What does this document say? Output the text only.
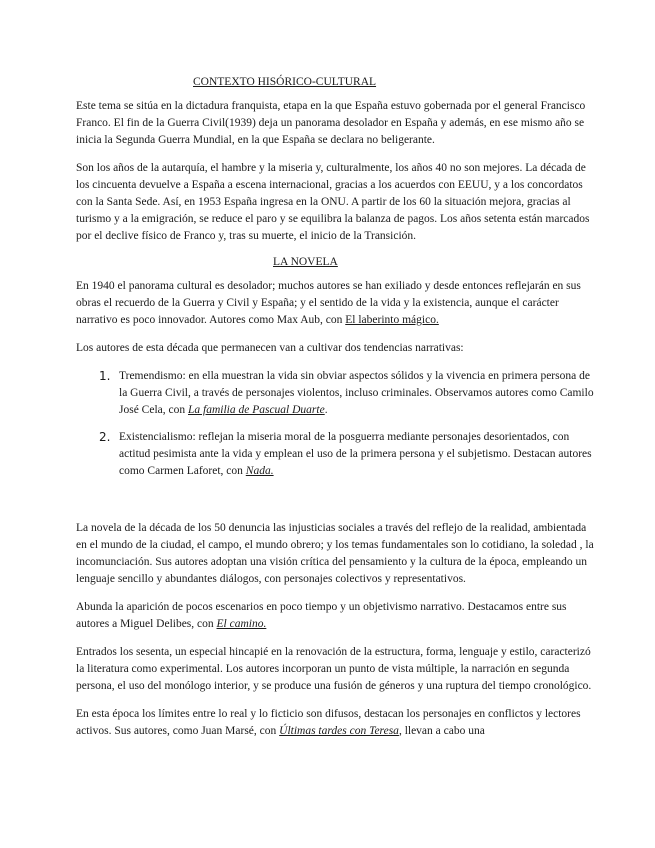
CONTEXTO HISÓRICO-CULTURAL

Este tema se sitúa en la dictadura franquista, etapa en la que España estuvo gobernada por el general Francisco Franco. El fin de la Guerra Civil(1939) deja un panorama desolador en España y además, en ese mismo año se inicia la Segunda Guerra Mundial, en la que España se declara no beligerante.

Son los años de la autarquía, el hambre y la miseria y, culturalmente, los años 40 no son mejores. La década de los cincuenta devuelve a España a escena internacional, gracias a los acuerdos con EEUU, y a los concordatos con la Santa Sede. Así, en 1953 España ingresa en la ONU. A partir de los 60 la situación mejora, gracias al turismo y a la emigración, se reduce el paro y se equilibra la balanza de pagos. Los años setenta están marcados por el declive físico de Franco y, tras su muerte, el inicio de la Transición.

LA NOVELA

En 1940 el panorama cultural es desolador; muchos autores se han exiliado y desde entonces reflejarán en sus obras el recuerdo de la Guerra y Civil y España; y el sentido de la vida y la existencia, aunque el carácter narrativo es poco innovador. Autores como Max Aub, con El laberinto mágico.

Los autores de esta década que permanecen van a cultivar dos tendencias narrativas:

1. Tremendismo: en ella muestran la vida sin obviar aspectos sólidos y la vivencia en primera persona de la Guerra Civil, a través de personajes violentos, incluso criminales. Observamos autores como Camilo José Cela, con La familia de Pascual Duarte.
2. Existencialismo: reflejan la miseria moral de la posguerra mediante personajes desorientados, con actitud pesimista ante la vida y emplean el uso de la primera persona y el subjetismo. Destacan autores como Carmen Laforet, con Nada.

La novela de la década de los 50 denuncia las injusticias sociales a través del reflejo de la realidad, ambientada en el mundo de la ciudad, el campo, el mundo obrero; y los temas fundamentales son lo cotidiano, la soledad , la incomunciación. Sus autores adoptan una visión crítica del pensamiento y la cultura de la época, empleando un lenguaje sencillo y abundantes diálogos, con personajes colectivos y representativos.

Abunda la aparición de pocos escenarios en poco tiempo y un objetivismo narrativo. Destacamos entre sus autores a Miguel Delibes, con El camino.

Entrados los sesenta, un especial hincapié en la renovación de la estructura, forma, lenguaje y estilo, caracterizó la literatura como experimental. Los autores incorporan un punto de vista múltiple, la narración en segunda persona, el uso del monólogo interior, y se produce una fusión de géneros y una ruptura del tiempo cronológico.

En esta época los límites entre lo real y lo ficticio son difusos, destacan los personajes en conflictos y lectores activos. Sus autores, como Juan Marsé, con Últimas tardes con Teresa, llevan a cabo una
